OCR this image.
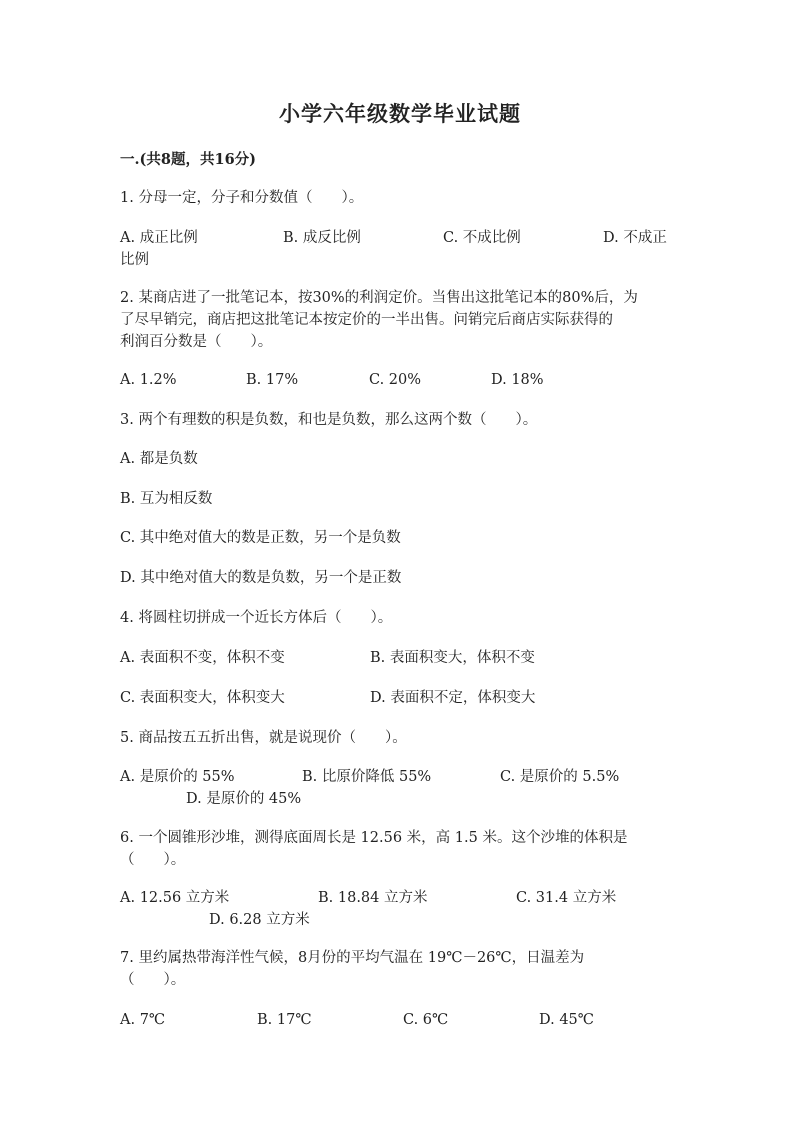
小学六年级数学毕业试题
一.(共8题，共16分)
1. 分母一定，分子和分数值（　　）。
A. 成正比例	B. 成反比例	C. 不成比例	D. 不成正
比例
2. 某商店进了一批笔记本，按30%的利润定价。当售出这批笔记本的80%后，为
了尽早销完，商店把这批笔记本按定价的一半出售。问销完后商店实际获得的
利润百分数是（　　）。
A. 1.2%	B. 17%	C. 20%	D. 18%
3. 两个有理数的积是负数，和也是负数，那么这两个数（　　）。
A. 都是负数
B. 互为相反数
C. 其中绝对值大的数是正数，另一个是负数
D. 其中绝对值大的数是负数，另一个是正数
4. 将圆柱切拼成一个近长方体后（　　）。
A. 表面积不变，体积不变	B. 表面积变大，体积不变
C. 表面积变大，体积变大	D. 表面积不定，体积变大
5. 商品按五五折出售，就是说现价（　　）。
A. 是原价的 55%	B. 比原价降低 55%	C. 是原价的 5.5%
D. 是原价的 45%
6. 一个圆锥形沙堆，测得底面周长是 12.56 米，高 1.5 米。这个沙堆的体积是
（　　）。
A. 12.56 立方米	B. 18.84 立方米	C. 31.4 立方米
D. 6.28 立方米
7. 里约属热带海洋性气候，8月份的平均气温在 19℃－26℃，日温差为
（　　）。
A. 7℃	B. 17℃	C. 6℃	D. 45℃
